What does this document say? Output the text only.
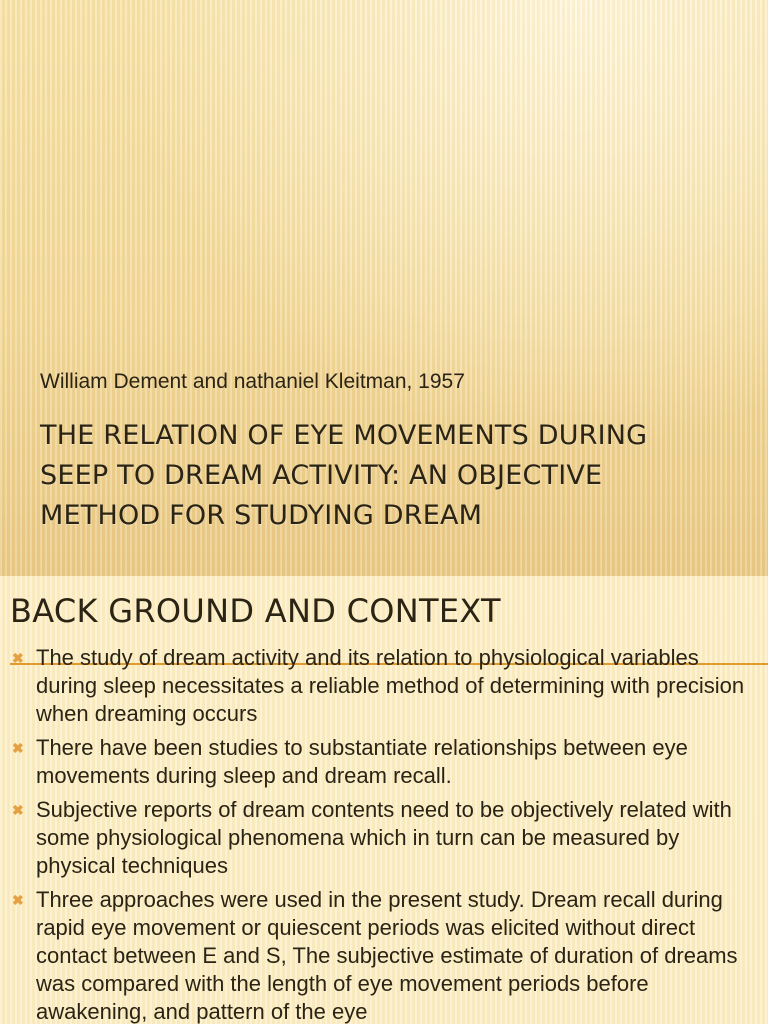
William Dement and nathaniel Kleitman, 1957
THE RELATION OF EYE MOVEMENTS DURING
SEEP TO DREAM ACTIVITY: AN OBJECTIVE
METHOD FOR STUDYING DREAM
BACK GROUND AND CONTEXT
✖ The study of dream activity and its relation to physiological variables during sleep necessitates a reliable method of determining with precision when dreaming occurs
✖ There have been studies to substantiate relationships between eye movements during sleep and dream recall.
✖ Subjective reports of dream contents need to be objectively related with some physiological phenomena which in turn can be measured by physical techniques
✖ Three approaches were used in the present study. Dream recall during rapid eye movement or quiescent periods was elicited without direct contact between E and S, The subjective estimate of duration of dreams was compared with the length of eye movement periods before awakening, and pattern of the eye
